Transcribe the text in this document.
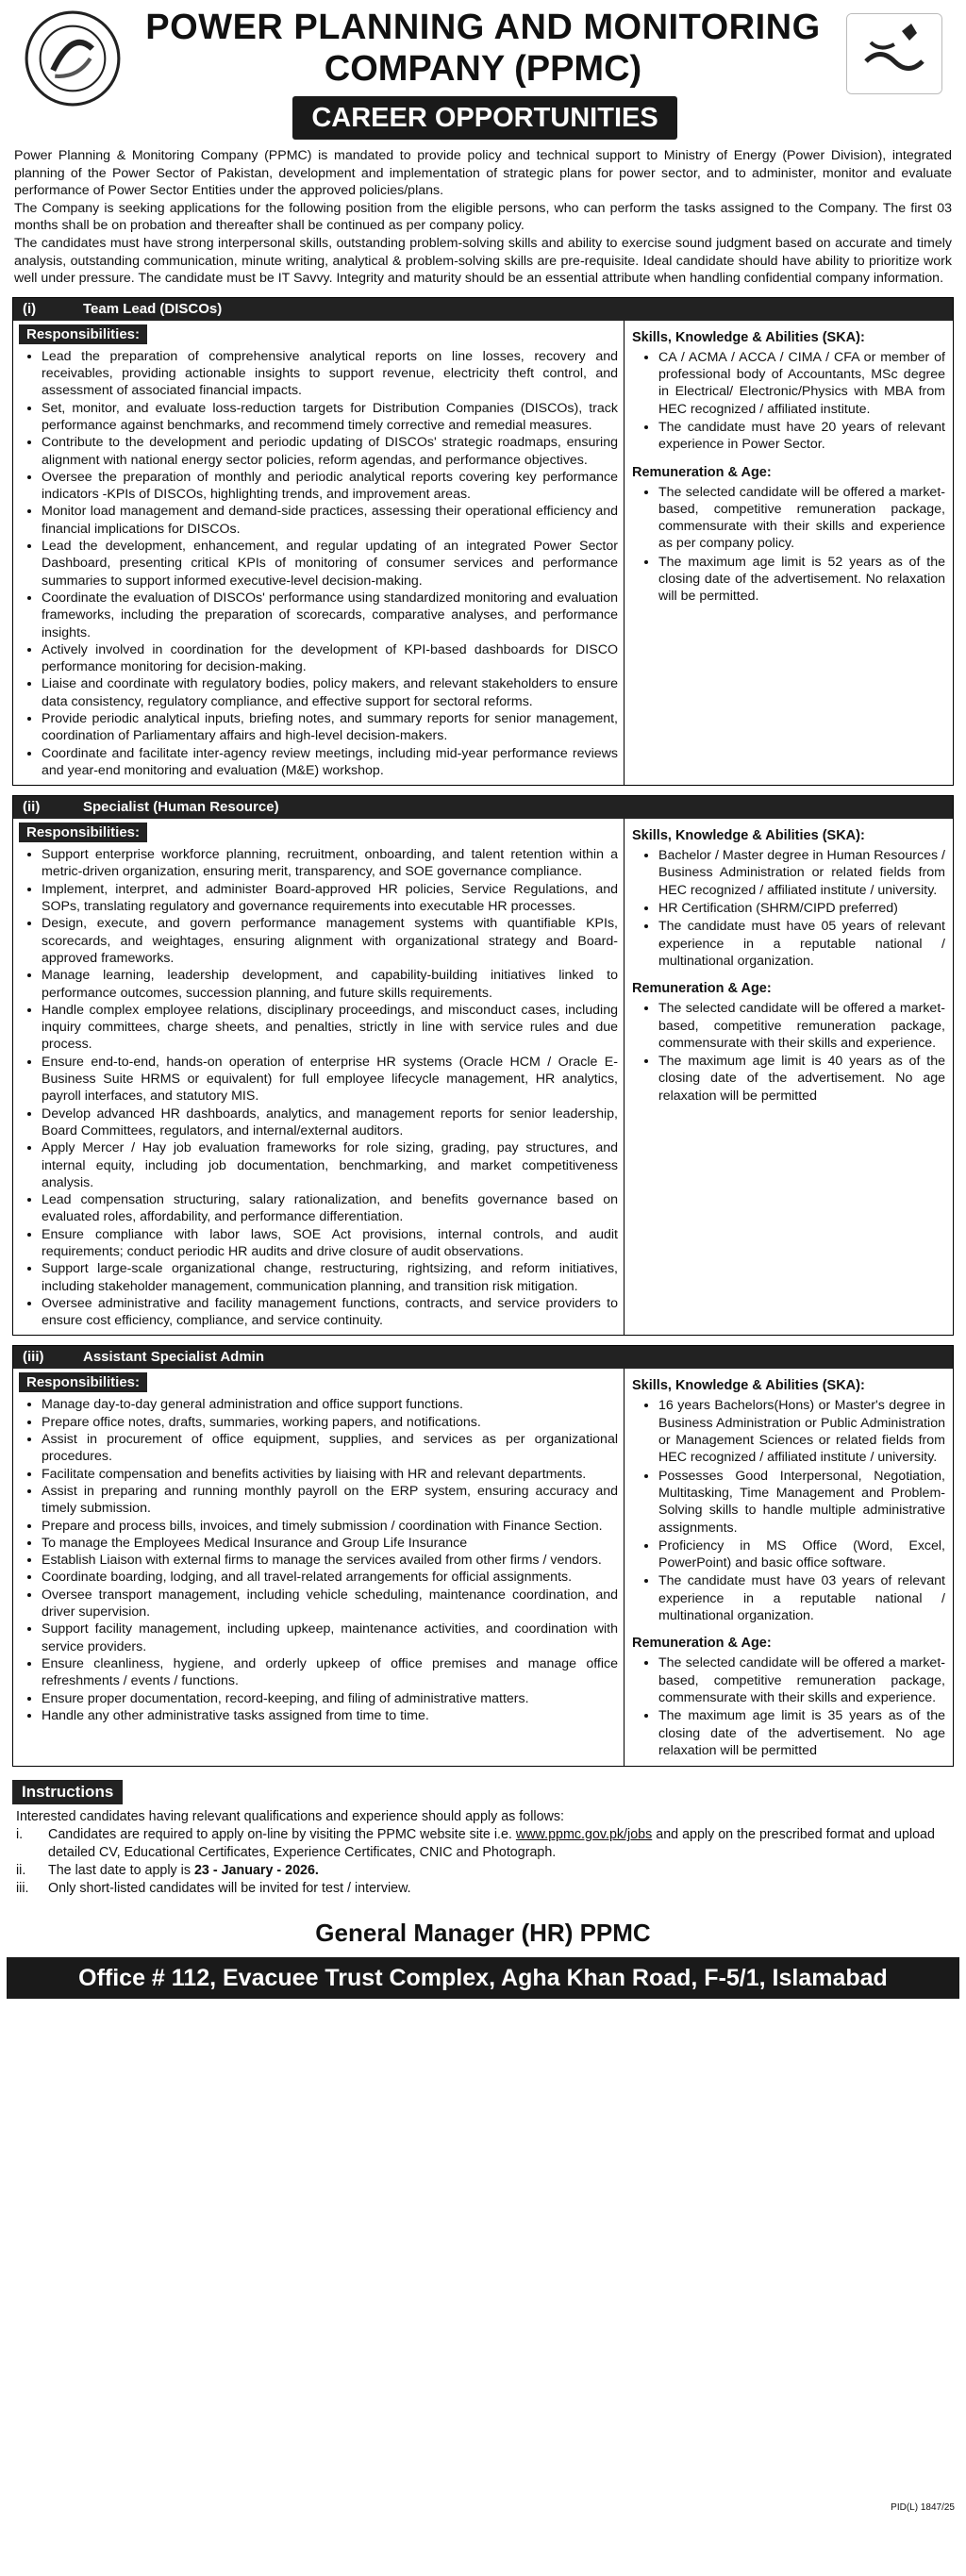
POWER PLANNING AND MONITORING
COMPANY (PPMC)
CAREER OPPORTUNITIES

Power Planning & Monitoring Company (PPMC) is mandated to provide policy and technical support to Ministry of Energy (Power Division), integrated planning of the Power Sector of Pakistan, development and implementation of strategic plans for power sector, and to administer, monitor and evaluate performance of Power Sector Entities under the approved policies/plans.

The Company is seeking applications for the following position from the eligible persons, who can perform the tasks assigned to the Company. The first 03 months shall be on probation and thereafter shall be continued as per company policy.

The candidates must have strong interpersonal skills, outstanding problem-solving skills and ability to exercise sound judgment based on accurate and timely analysis, outstanding communication, minute writing, analytical & problem-solving skills are pre-requisite. Ideal candidate should have ability to prioritize work well under pressure. The candidate must be IT Savvy. Integrity and maturity should be an essential attribute when handling confidential company information.

(i)	Team Lead (DISCOs)
Responsibilities:
• Lead the preparation of comprehensive analytical reports on line losses, recovery and receivables, providing actionable insights to support revenue, electricity theft control, and assessment of associated financial impacts.
• Set, monitor, and evaluate loss-reduction targets for Distribution Companies (DISCOs), track performance against benchmarks, and recommend timely corrective and remedial measures.
• Contribute to the development and periodic updating of DISCOs' strategic roadmaps, ensuring alignment with national energy sector policies, reform agendas, and performance objectives.
• Oversee the preparation of monthly and periodic analytical reports covering key performance indicators -KPIs of DISCOs, highlighting trends, and improvement areas.
• Monitor load management and demand-side practices, assessing their operational efficiency and financial implications for DISCOs.
• Lead the development, enhancement, and regular updating of an integrated Power Sector Dashboard, presenting critical KPIs of monitoring of consumer services and performance summaries to support informed executive-level decision-making.
• Coordinate the evaluation of DISCOs' performance using standardized monitoring and evaluation frameworks, including the preparation of scorecards, comparative analyses, and performance insights.
• Actively involved in coordination for the development of KPI-based dashboards for DISCO performance monitoring for decision-making.
• Liaise and coordinate with regulatory bodies, policy makers, and relevant stakeholders to ensure data consistency, regulatory compliance, and effective support for sectoral reforms.
• Provide periodic analytical inputs, briefing notes, and summary reports for senior management, coordination of Parliamentary affairs and high-level decision-makers.
• Coordinate and facilitate inter-agency review meetings, including mid-year performance reviews and year-end monitoring and evaluation (M&E) workshop.
Skills, Knowledge & Abilities (SKA):
• CA / ACMA / ACCA / CIMA / CFA or member of professional body of Accountants, MSc degree in Electrical/ Electronic/Physics with MBA from HEC recognized / affiliated institute.
• The candidate must have 20 years of relevant experience in Power Sector.
Remuneration & Age:
• The selected candidate will be offered a market-based, competitive remuneration package, commensurate with their skills and experience as per company policy.
• The maximum age limit is 52 years as of the closing date of the advertisement. No relaxation will be permitted.
(ii)	Specialist (Human Resource)
Responsibilities:
• Support enterprise workforce planning, recruitment, onboarding, and talent retention within a metric-driven organization, ensuring merit, transparency, and SOE governance compliance.
• Implement, interpret, and administer Board-approved HR policies, Service Regulations, and SOPs, translating regulatory and governance requirements into executable HR processes.
• Design, execute, and govern performance management systems with quantifiable KPIs, scorecards, and weightages, ensuring alignment with organizational strategy and Board-approved frameworks.
• Manage learning, leadership development, and capability-building initiatives linked to performance outcomes, succession planning, and future skills requirements.
• Handle complex employee relations, disciplinary proceedings, and misconduct cases, including inquiry committees, charge sheets, and penalties, strictly in line with service rules and due process.
• Ensure end-to-end, hands-on operation of enterprise HR systems (Oracle HCM / Oracle E-Business Suite HRMS or equivalent) for full employee lifecycle management, HR analytics, payroll interfaces, and statutory MIS.
• Develop advanced HR dashboards, analytics, and management reports for senior leadership, Board Committees, regulators, and internal/external auditors.
• Apply Mercer / Hay job evaluation frameworks for role sizing, grading, pay structures, and internal equity, including job documentation, benchmarking, and market competitiveness analysis.
• Lead compensation structuring, salary rationalization, and benefits governance based on evaluated roles, affordability, and performance differentiation.
• Ensure compliance with labor laws, SOE Act provisions, internal controls, and audit requirements; conduct periodic HR audits and drive closure of audit observations.
• Support large-scale organizational change, restructuring, rightsizing, and reform initiatives, including stakeholder management, communication planning, and transition risk mitigation.
• Oversee administrative and facility management functions, contracts, and service providers to ensure cost efficiency, compliance, and service continuity.
Skills, Knowledge & Abilities (SKA):
• Bachelor / Master degree in Human Resources / Business Administration or related fields from HEC recognized / affiliated institute / university.
• HR Certification (SHRM/CIPD preferred)
• The candidate must have 05 years of relevant experience in a reputable national / multinational organization.
Remuneration & Age:
• The selected candidate will be offered a market-based, competitive remuneration package, commensurate with their skills and experience.
• The maximum age limit is 40 years as of the closing date of the advertisement. No age relaxation will be permitted
(iii)	Assistant Specialist Admin
Responsibilities:
• Manage day-to-day general administration and office support functions.
• Prepare office notes, drafts, summaries, working papers, and notifications.
• Assist in procurement of office equipment, supplies, and services as per organizational procedures.
• Facilitate compensation and benefits activities by liaising with HR and relevant departments.
• Assist in preparing and running monthly payroll on the ERP system, ensuring accuracy and timely submission.
• Prepare and process bills, invoices, and timely submission / coordination with Finance Section.
• To manage the Employees Medical Insurance and Group Life Insurance
• Establish Liaison with external firms to manage the services availed from other firms / vendors.
• Coordinate boarding, lodging, and all travel-related arrangements for official assignments.
• Oversee transport management, including vehicle scheduling, maintenance coordination, and driver supervision.
• Support facility management, including upkeep, maintenance activities, and coordination with service providers.
• Ensure cleanliness, hygiene, and orderly upkeep of office premises and manage office refreshments / events / functions.
• Ensure proper documentation, record-keeping, and filing of administrative matters.
• Handle any other administrative tasks assigned from time to time.
Skills, Knowledge & Abilities (SKA):
• 16 years Bachelors(Hons) or Master's degree in Business Administration or Public Administration or Management Sciences or related fields from HEC recognized / affiliated institute / university.
• Possesses Good Interpersonal, Negotiation, Multitasking, Time Management and Problem-Solving skills to handle multiple administrative assignments.
• Proficiency in MS Office (Word, Excel, PowerPoint) and basic office software.
• The candidate must have 03 years of relevant experience in a reputable national / multinational organization.
Remuneration & Age:
• The selected candidate will be offered a market-based, competitive remuneration package, commensurate with their skills and experience.
• The maximum age limit is 35 years as of the closing date of the advertisement. No age relaxation will be permitted
Instructions
Interested candidates having relevant qualifications and experience should apply as follows:
i.	Candidates are required to apply on-line by visiting the PPMC website site i.e. www.ppmc.gov.pk/jobs and apply on the prescribed format and upload detailed CV, Educational Certificates, Experience Certificates, CNIC and Photograph.
ii.	The last date to apply is 23 - January - 2026.
iii.	Only short-listed candidates will be invited for test / interview.
General Manager (HR) PPMC
Office # 112, Evacuee Trust Complex, Agha Khan Road, F-5/1, Islamabad
PID(L) 1847/25
